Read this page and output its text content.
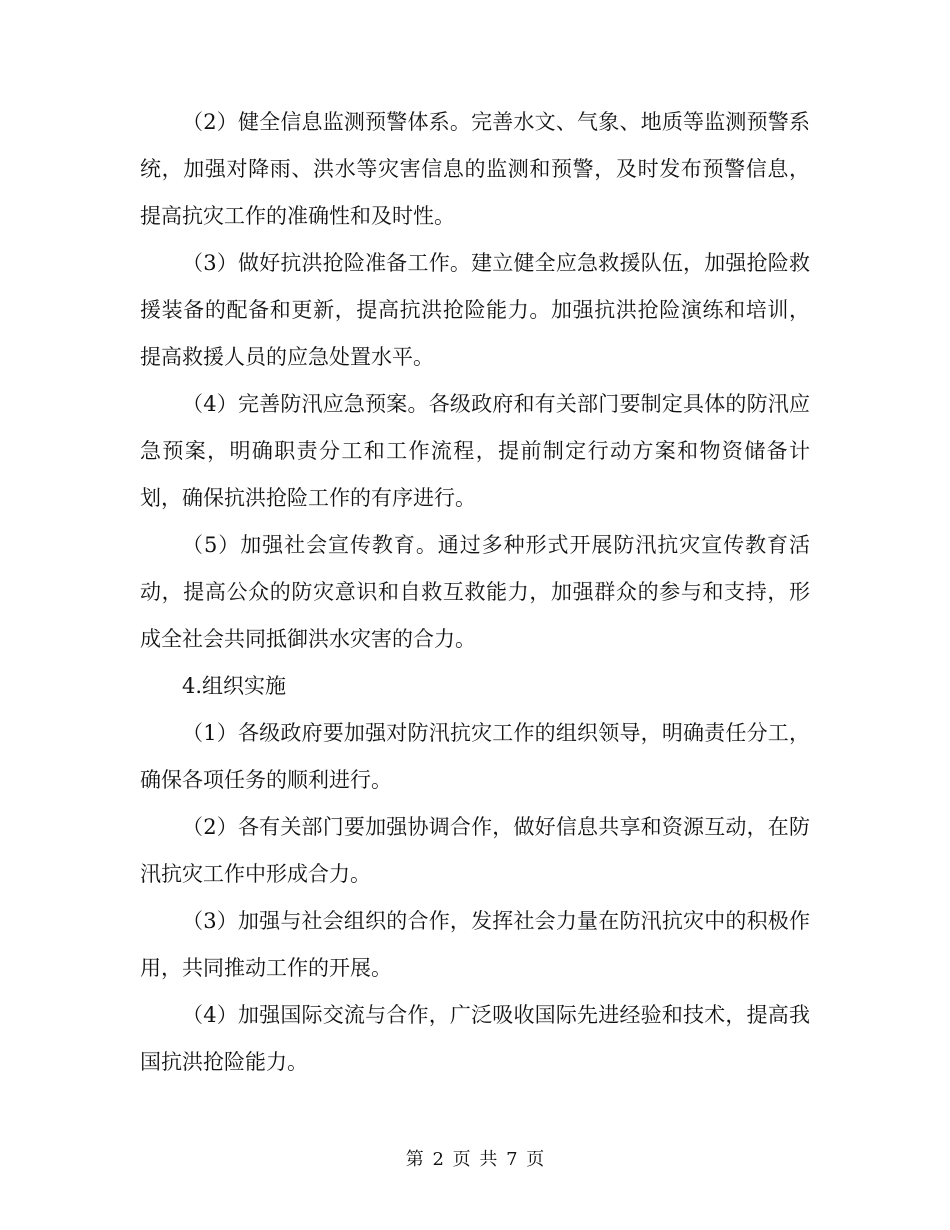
（2）健全信息监测预警体系。完善水文、气象、地质等监测预警系统，加强对降雨、洪水等灾害信息的监测和预警，及时发布预警信息，提高抗灾工作的准确性和及时性。

（3）做好抗洪抢险准备工作。建立健全应急救援队伍，加强抢险救援装备的配备和更新，提高抗洪抢险能力。加强抗洪抢险演练和培训，提高救援人员的应急处置水平。

（4）完善防汛应急预案。各级政府和有关部门要制定具体的防汛应急预案，明确职责分工和工作流程，提前制定行动方案和物资储备计划，确保抗洪抢险工作的有序进行。

（5）加强社会宣传教育。通过多种形式开展防汛抗灾宣传教育活动，提高公众的防灾意识和自救互救能力，加强群众的参与和支持，形成全社会共同抵御洪水灾害的合力。

4.组织实施

（1）各级政府要加强对防汛抗灾工作的组织领导，明确责任分工，确保各项任务的顺利进行。

（2）各有关部门要加强协调合作，做好信息共享和资源互动，在防汛抗灾工作中形成合力。

（3）加强与社会组织的合作，发挥社会力量在防汛抗灾中的积极作用，共同推动工作的开展。

（4）加强国际交流与合作，广泛吸收国际先进经验和技术，提高我国抗洪抢险能力。

第 2 页 共 7 页
